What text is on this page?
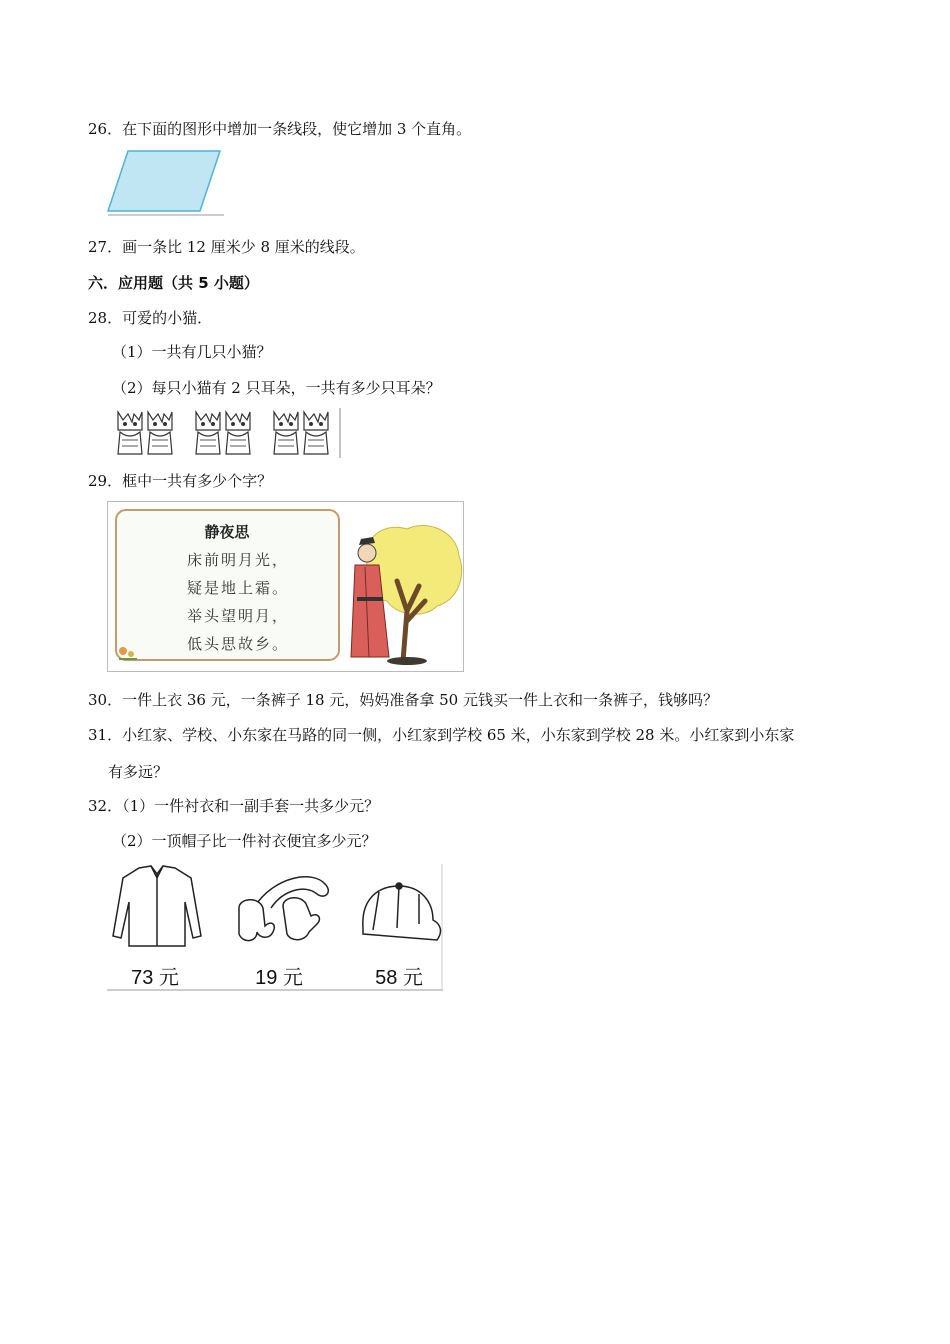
26．在下面的图形中增加一条线段，使它增加 3 个直角。
27．画一条比 12 厘米少 8 厘米的线段。
六．应用题（共 5 小题）
28．可爱的小猫．
（1）一共有几只小猫？
（2）每只小猫有 2 只耳朵，一共有多少只耳朵？
29．框中一共有多少个字？
静夜思
床前明月光，
疑是地上霜。
举头望明月，
低头思故乡。
30．一件上衣 36 元，一条裤子 18 元，妈妈准备拿 50 元钱买一件上衣和一条裤子，钱够吗？
31．小红家、学校、小东家在马路的同一侧，小红家到学校 65 米，小东家到学校 28 米。小红家到小东家
有多远？
32．（1）一件衬衣和一副手套一共多少元？
（2）一顶帽子比一件衬衣便宜多少元？
73 元	19 元	58 元
